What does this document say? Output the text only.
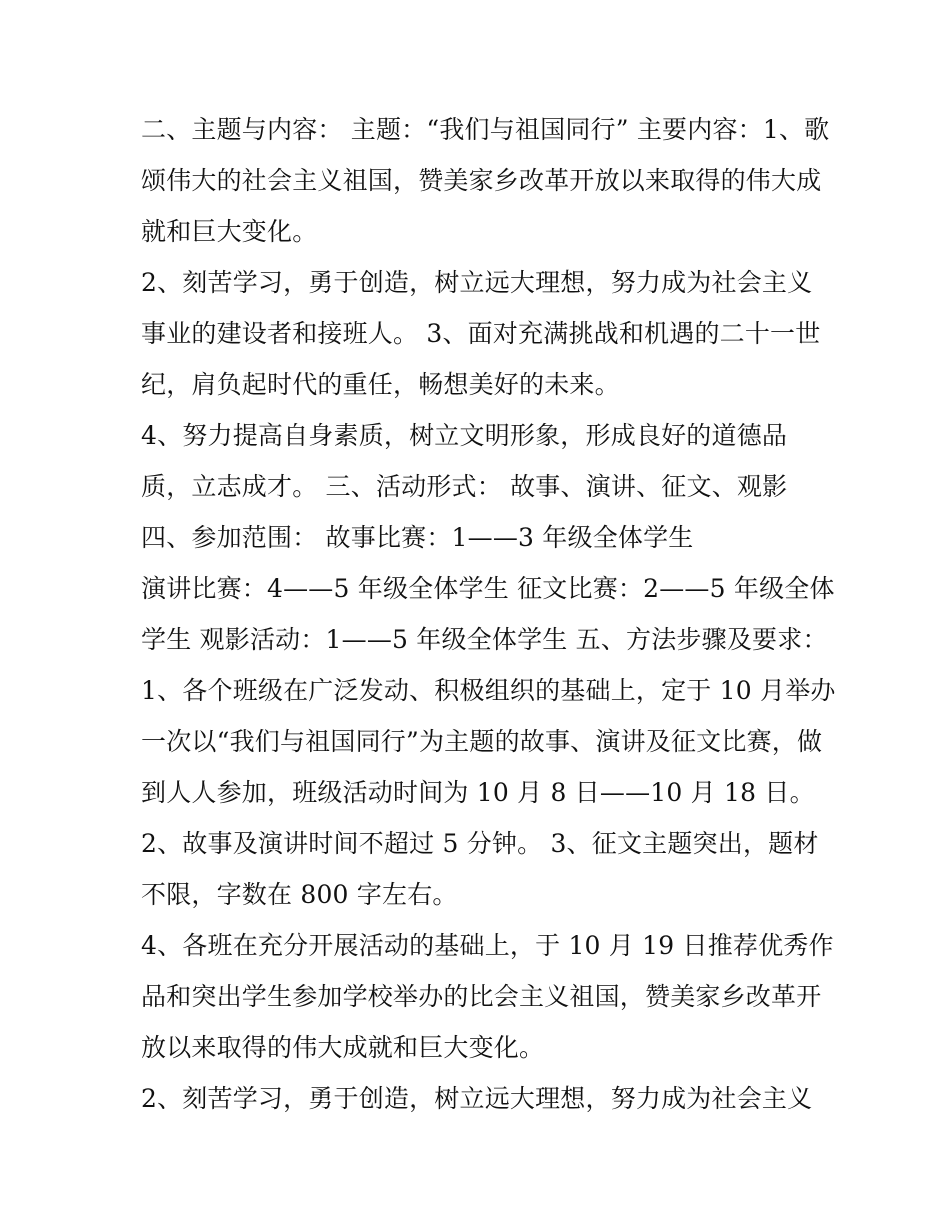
二、主题与内容： 主题：“我们与祖国同行” 主要内容：1、歌
颂伟大的社会主义祖国，赞美家乡改革开放以来取得的伟大成
就和巨大变化。
2、刻苦学习，勇于创造，树立远大理想，努力成为社会主义
事业的建设者和接班人。 3、面对充满挑战和机遇的二十一世
纪，肩负起时代的重任，畅想美好的未来。
4、努力提高自身素质，树立文明形象，形成良好的道德品
质，立志成才。 三、活动形式： 故事、演讲、征文、观影
四、参加范围： 故事比赛：1——3 年级全体学生
演讲比赛：4——5 年级全体学生 征文比赛：2——5 年级全体
学生 观影活动：1——5 年级全体学生 五、方法步骤及要求：
1、各个班级在广泛发动、积极组织的基础上，定于 10 月举办
一次以“我们与祖国同行”为主题的故事、演讲及征文比赛，做
到人人参加，班级活动时间为 10 月 8 日——10 月 18 日。
2、故事及演讲时间不超过 5 分钟。 3、征文主题突出，题材
不限，字数在 800 字左右。
4、各班在充分开展活动的基础上，于 10 月 19 日推荐优秀作
品和突出学生参加学校举办的比会主义祖国，赞美家乡改革开
放以来取得的伟大成就和巨大变化。
2、刻苦学习，勇于创造，树立远大理想，努力成为社会主义
